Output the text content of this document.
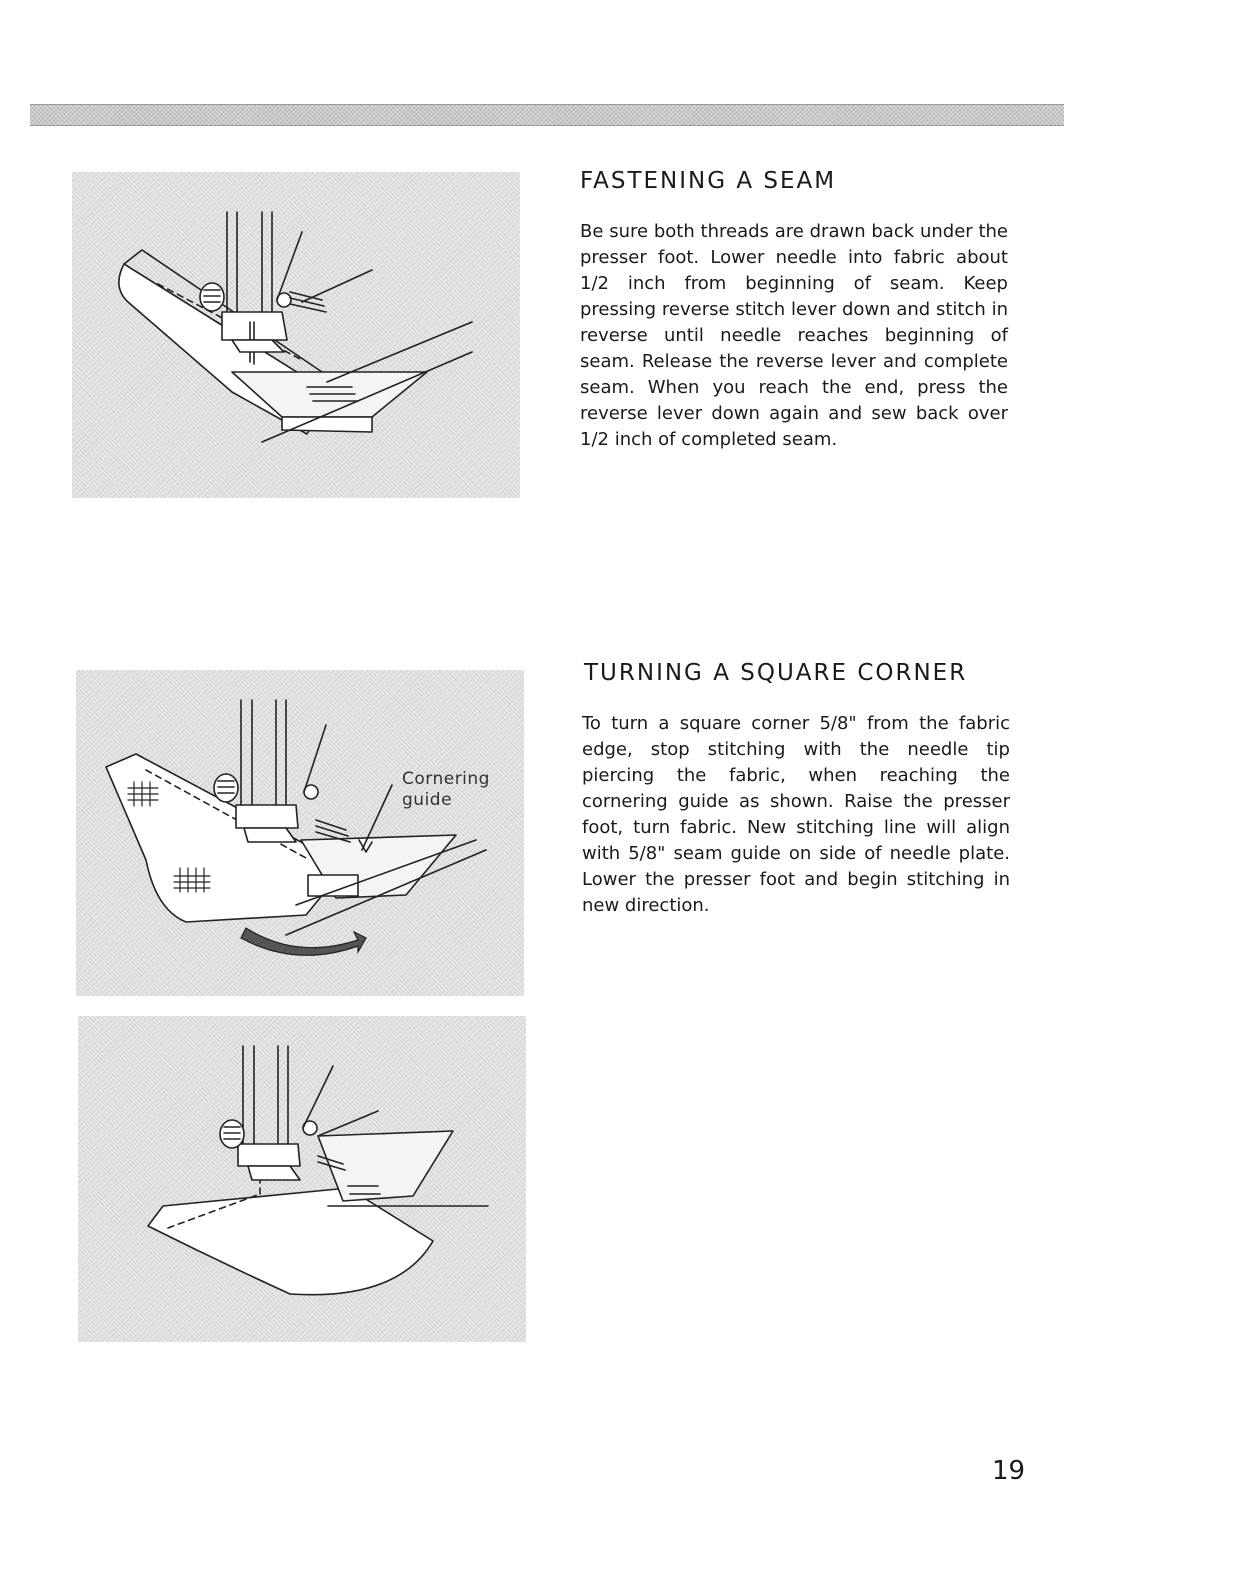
FASTENING A SEAM

Be sure both threads are drawn back under the presser foot. Lower needle into fabric about 1/2 inch from beginning of seam. Keep pressing reverse stitch lever down and stitch in reverse until needle reaches beginning of seam. Release the reverse lever and complete seam. When you reach the end, press the reverse lever down again and sew back over 1/2 inch of completed seam.

Cornering
guide
TURNING A SQUARE CORNER

To turn a square corner 5/8" from the fabric edge, stop stitching with the needle tip piercing the fabric, when reaching the cornering guide as shown. Raise the presser foot, turn fabric. New stitching line will align with 5/8" seam guide on side of needle plate. Lower the presser foot and begin stitching in new direction.

19
